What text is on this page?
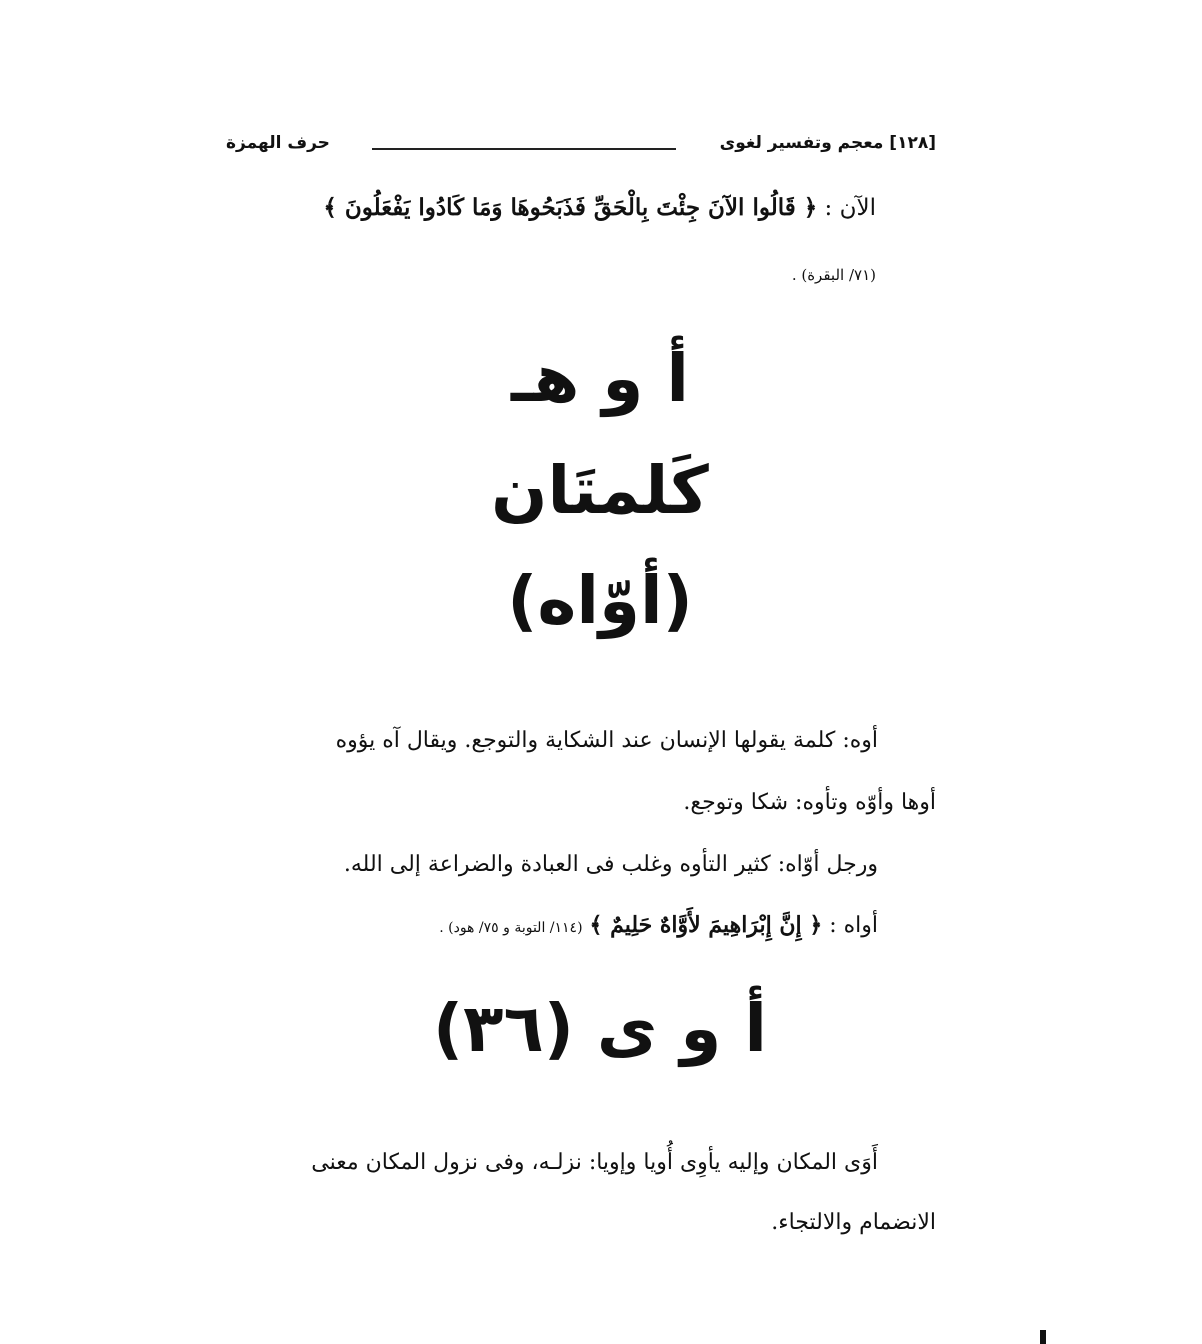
[١٢٨] معجم وتفسير لغوى
حرف الهمزة
الآن : ﴿ قَالُوا الآنَ جِئْتَ بِالْحَقِّ فَذَبَحُوهَا وَمَا كَادُوا يَفْعَلُونَ ﴾
(٧١/ البقرة) .
أ و هـ
كَلمتَان
(أوّاه)
أوه: كلمة يقولها الإنسان عند الشكاية والتوجع. ويقال آه يؤوه
أوها وأوّه وتأوه: شكا وتوجع.
ورجل أوّاه: كثير التأوه وغلب فى العبادة والضراعة إلى الله.
أواه : ﴿ إِنَّ إِبْرَاهِيمَ لأَوَّاهٌ حَلِيمٌ ﴾ (١١٤/ التوبة و ٧٥/ هود) .
أ و ى (٣٦)
أَوَى المكان وإليه يأوِى أُويا وإويا: نزلـه، وفى نزول المكان معنى
الانضمام والالتجاء.
